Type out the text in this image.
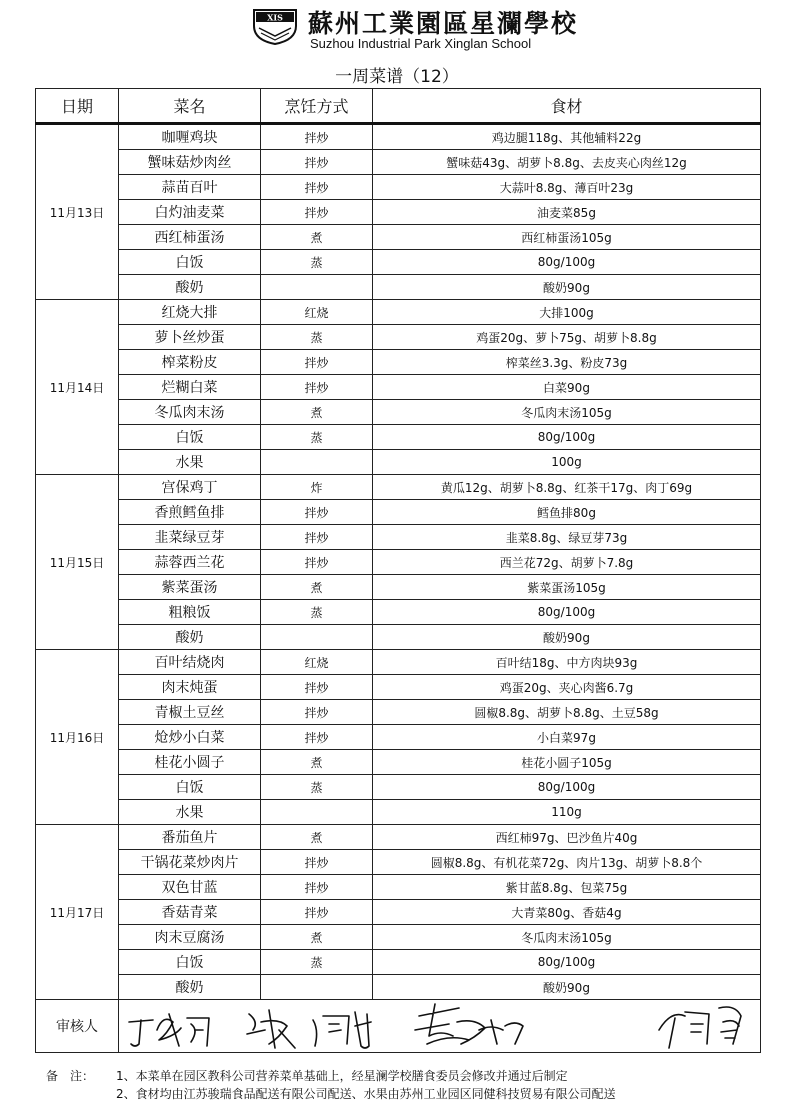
XIS 蘇州工業園區星瀾學校
Suzhou Industrial Park Xinglan School
一周菜谱（12）
日期	菜名	烹饪方式	食材
11月13日	咖喱鸡块	拌炒	鸡边腿118g、其他辅料22g
	蟹味菇炒肉丝	拌炒	蟹味菇43g、胡萝卜8.8g、去皮夹心肉丝12g
	蒜苗百叶	拌炒	大蒜叶8.8g、薄百叶23g
	白灼油麦菜	拌炒	油麦菜85g
	西红柿蛋汤	煮	西红柿蛋汤105g
	白饭	蒸	80g/100g
	酸奶		酸奶90g
11月14日	红烧大排	红烧	大排100g
	萝卜丝炒蛋	蒸	鸡蛋20g、萝卜75g、胡萝卜8.8g
	榨菜粉皮	拌炒	榨菜丝3.3g、粉皮73g
	烂糊白菜	拌炒	白菜90g
	冬瓜肉末汤	煮	冬瓜肉末汤105g
	白饭	蒸	80g/100g
	水果		100g
11月15日	宫保鸡丁	炸	黄瓜12g、胡萝卜8.8g、红茶干17g、肉丁69g
	香煎鳕鱼排	拌炒	鳕鱼排80g
	韭菜绿豆芽	拌炒	韭菜8.8g、绿豆芽73g
	蒜蓉西兰花	拌炒	西兰花72g、胡萝卜7.8g
	紫菜蛋汤	煮	紫菜蛋汤105g
	粗粮饭	蒸	80g/100g
	酸奶		酸奶90g
11月16日	百叶结烧肉	红烧	百叶结18g、中方肉块93g
	肉末炖蛋	拌炒	鸡蛋20g、夹心肉酱6.7g
	青椒土豆丝	拌炒	圆椒8.8g、胡萝卜8.8g、土豆58g
	炝炒小白菜	拌炒	小白菜97g
	桂花小圆子	煮	桂花小圆子105g
	白饭	蒸	80g/100g
	水果		110g
11月17日	番茄鱼片	煮	西红柿97g、巴沙鱼片40g
	干锅花菜炒肉片	拌炒	圆椒8.8g、有机花菜72g、肉片13g、胡萝卜8.8个
	双色甘蓝	拌炒	紫甘蓝8.8g、包菜75g
	香菇青菜	拌炒	大青菜80g、香菇4g
	肉末豆腐汤	煮	冬瓜肉末汤105g
	白饭	蒸	80g/100g
	酸奶		酸奶90g
审核人	
备　注： 1、本菜单在园区教科公司营养菜单基础上，经星澜学校膳食委员会修改并通过后制定
2、食材均由江苏骏瑞食品配送有限公司配送、水果由苏州工业园区同健科技贸易有限公司配送
